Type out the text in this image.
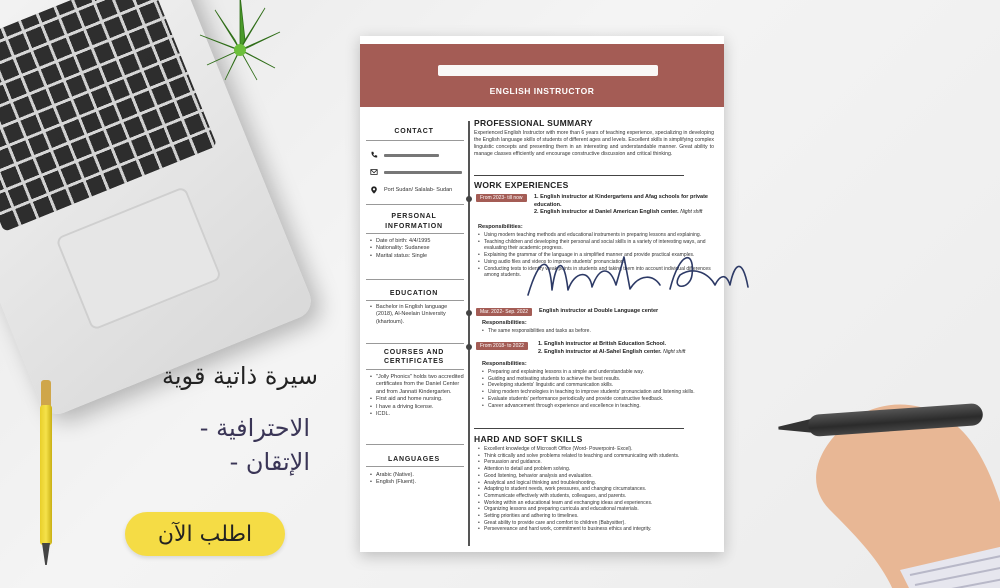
سيرة ذاتية قوية
الاحترافية -
الإتقان -
اطلب الآن
ENGLISH INSTRUCTOR
CONTACT
Port Sudan/ Salalab- Sudan
PERSONAL INFORMATION
• Date of birth: 4/4/1995
• Nationality: Sudanese
• Marital status: Single
EDUCATION
• Bachelor in English language (2018), Al-Neelain University (khartoum).
COURSES AND CERTIFICATES
• "Jolly Phonics" holds two accredited certificates from the Daniel Center and from Jannati Kindergarten.
• First aid and home nursing.
• I have a driving license.
• ICDL.
LANGUAGES
• Arabic (Native).
• English (Fluent).
PROFESSIONAL SUMMARY
Experienced English Instructor with more than 6 years of teaching experience, specializing in developing the English language skills of students of different ages and levels. Excellent skills in simplifying complex linguistic concepts and presenting them in an interesting and understandable manner. Great ability to manage classes efficiently and encourage constructive discussion and critical thinking.
WORK EXPERIENCES
From 2023- till now	1. English instructor at Kindergartens and Afag schools for private education.
2. English instructor at Daniel American English center. Night shift
Responsibilities:
• Using modern teaching methods and educational instruments in preparing lessons and explaining.
• Teaching children and developing their personal and social skills in a variety of interesting ways, and evaluating their academic progress.
• Explaining the grammar of the language in a simplified manner and provide practical examples.
• Using audio files and videos to improve students' pronunciation.
• Conducting tests to identify weak points in students and taking them into account individual differences among students.
Mar. 2022- Sep. 2022	English instructor at Double Language center
Responsibilities:
• The same responsibilities and tasks as before.
From 2018- to 2022	1. English instructor at British Education School.
2. English instructor at Al-Sahel English center. Night shift
Responsibilities:
• Preparing and explaining lessons in a simple and understandable way.
• Guiding and motivating students to achieve the best results.
• Developing students' linguistic and communication skills.
• Using modern technologies in teaching to improve students' pronunciation and listening skills.
• Evaluate students' performance periodically and provide constructive feedback.
• Career advancement through experience and excellence in teaching.
HARD AND SOFT SKILLS
• Excellent knowledge of Microsoft Office (Word- Powerpoint- Excel).
• Think critically and solve problems related to teaching and communicating with students.
• Persuasion and guidance.
• Attention to detail and problem solving.
• Good listening, behavior analysis and evaluation.
• Analytical and logical thinking and troubleshooting.
• Adapting to student needs, work pressures, and changing circumstances.
• Communicate effectively with students, colleagues, and parents.
• Working within an educational team and exchanging ideas and experiences.
• Organizing lessons and preparing curricula and educational materials.
• Setting priorities and adhering to timelines.
• Great ability to provide care and comfort to children (Babysitter).
• Persevereance and hard work, commitment to business ethics and integrity.
